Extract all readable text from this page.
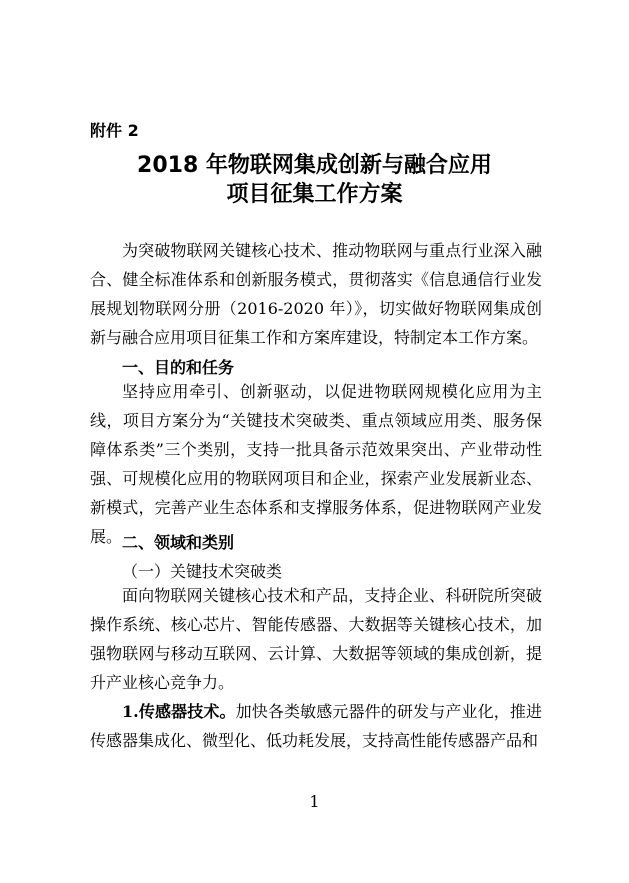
附件 2
2018 年物联网集成创新与融合应用
项目征集工作方案

为突破物联网关键核心技术、推动物联网与重点行业深入融合、健全标准体系和创新服务模式，贯彻落实《信息通信行业发展规划物联网分册（2016-2020 年）》，切实做好物联网集成创新与融合应用项目征集工作和方案库建设，特制定本工作方案。

一、目的和任务

坚持应用牵引、创新驱动，以促进物联网规模化应用为主线，项目方案分为“关键技术突破类、重点领域应用类、服务保障体系类”三个类别，支持一批具备示范效果突出、产业带动性强、可规模化应用的物联网项目和企业，探索产业发展新业态、新模式，完善产业生态体系和支撑服务体系，促进物联网产业发展。 二、领域和类别
（一）关键技术突破类

面向物联网关键核心技术和产品，支持企业、科研院所突破操作系统、核心芯片、智能传感器、大数据等关键核心技术，加强物联网与移动互联网、云计算、大数据等领域的集成创新，提升产业核心竞争力。

1.传感器技术。加快各类敏感元器件的研发与产业化，推进传感器集成化、微型化、低功耗发展，支持高性能传感器产品和

1
